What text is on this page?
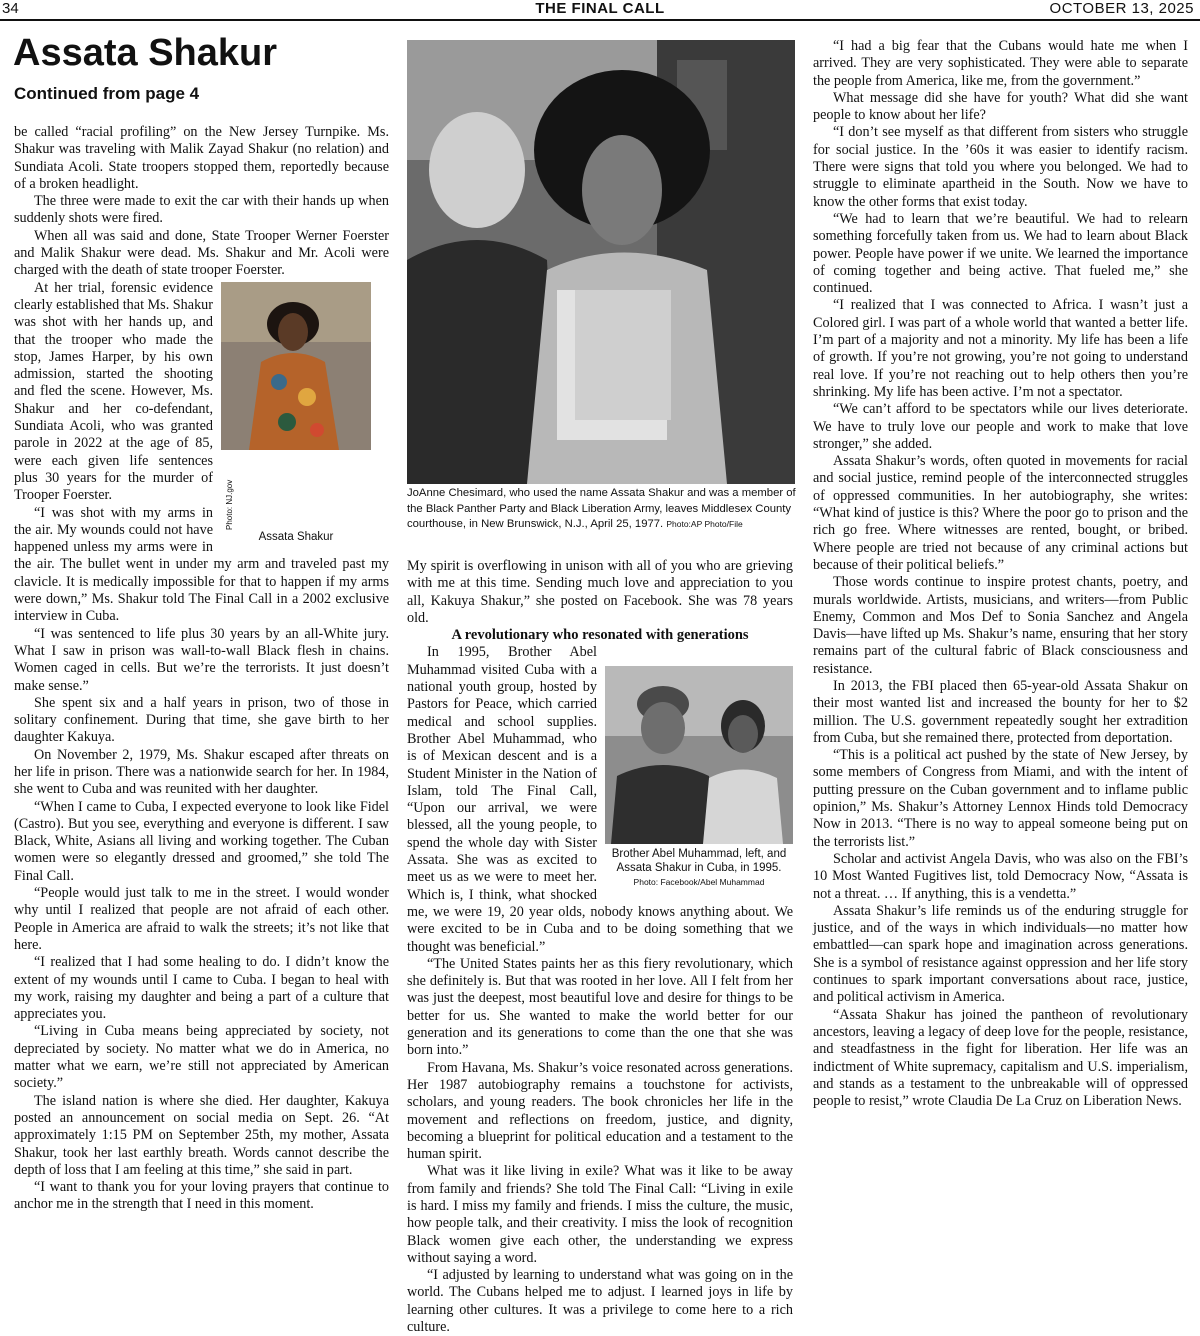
34	THE FINAL CALL	OCTOBER 13, 2025
Assata Shakur
Continued from page 4

be called “racial profiling” on the New Jersey Turnpike. Ms. Shakur was traveling with Malik Zayad Shakur (no relation) and Sundiata Acoli. State troopers stopped them, reportedly because of a broken headlight.

The three were made to exit the car with their hands up when suddenly shots were fired.

When all was said and done, State Trooper Werner Foerster and Malik Shakur were dead. Ms. Shakur and Mr. Acoli were charged with the death of state trooper Foerster.

Photo: NJ.gov
Assata Shakur

At her trial, forensic evidence clearly established that Ms. Shakur was shot with her hands up, and that the trooper who made the stop, James Harper, by his own admission, started the shooting and fled the scene. However, Ms. Shakur and her co-defendant, Sundiata Acoli, who was granted parole in 2022 at the age of 85, were each given life sentences plus 30 years for the murder of Trooper Foerster.

“I was shot with my arms in the air. My wounds could not have happened unless my arms were in the air. The bullet went in under my arm and traveled past my clavicle. It is medically impossible for that to happen if my arms were down,” Ms. Shakur told The Final Call in a 2002 exclusive interview in Cuba.

“I was sentenced to life plus 30 years by an all-White jury. What I saw in prison was wall-to-wall Black flesh in chains. Women caged in cells. But we’re the terrorists. It just doesn’t make sense.”

She spent six and a half years in prison, two of those in solitary confinement. During that time, she gave birth to her daughter Kakuya.

On November 2, 1979, Ms. Shakur escaped after threats on her life in prison. There was a nationwide search for her. In 1984, she went to Cuba and was reunited with her daughter.

“When I came to Cuba, I expected everyone to look like Fidel (Castro). But you see, everything and everyone is different. I saw Black, White, Asians all living and working together. The Cuban women were so elegantly dressed and groomed,” she told The Final Call.

“People would just talk to me in the street. I would wonder why until I realized that people are not afraid of each other. People in America are afraid to walk the streets; it’s not like that here.

“I realized that I had some healing to do. I didn’t know the extent of my wounds until I came to Cuba. I began to heal with my work, raising my daughter and being a part of a culture that appreciates you.

“Living in Cuba means being appreciated by society, not depreciated by society. No matter what we do in America, no matter what we earn, we’re still not appreciated by American society.”

The island nation is where she died. Her daughter, Kakuya posted an announcement on social media on Sept. 26. “At approximately 1:15 PM on September 25th, my mother, Assata Shakur, took her last earthly breath. Words cannot describe the depth of loss that I am feeling at this time,” she said in part.

“I want to thank you for your loving prayers that continue to anchor me in the strength that I need in this moment.

JoAnne Chesimard, who used the name Assata Shakur and was a member of the Black Panther Party and Black Liberation Army, leaves Middlesex County courthouse, in New Brunswick, N.J., April 25, 1977. Photo:AP Photo/File

My spirit is overflowing in unison with all of you who are grieving with me at this time. Sending much love and appreciation to you all, Kakuya Shakur,” she posted on Facebook. She was 78 years old.

A revolutionary who resonated with generations

Brother Abel Muhammad, left, and Assata Shakur in Cuba, in 1995.
Photo: Facebook/Abel Muhammad

In 1995, Brother Abel Muhammad visited Cuba with a national youth group, hosted by Pastors for Peace, which carried medical and school supplies. Brother Abel Muhammad, who is of Mexican descent and is a Student Minister in the Nation of Islam, told The Final Call, “Upon our arrival, we were blessed, all the young people, to spend the whole day with Sister Assata. She was as excited to meet us as we were to meet her. Which is, I think, what shocked me, we were 19, 20 year olds, nobody knows anything about. We were excited to be in Cuba and to be doing something that we thought was beneficial.”

“The United States paints her as this fiery revolutionary, which she definitely is. But that was rooted in her love. All I felt from her was just the deepest, most beautiful love and desire for things to be better for us. She wanted to make the world better for our generation and its generations to come than the one that she was born into.”

From Havana, Ms. Shakur’s voice resonated across generations. Her 1987 autobiography remains a touchstone for activists, scholars, and young readers. The book chronicles her life in the movement and reflections on freedom, justice, and dignity, becoming a blueprint for political education and a testament to the human spirit.

What was it like living in exile? What was it like to be away from family and friends? She told The Final Call: “Living in exile is hard. I miss my family and friends. I miss the culture, the music, how people talk, and their creativity. I miss the look of recognition Black women give each other, the understanding we express without saying a word.

“I adjusted by learning to understand what was going on in the world. The Cubans helped me to adjust. I learned joys in life by learning other cultures. It was a privilege to come here to a rich culture.

“I had a big fear that the Cubans would hate me when I arrived. They are very sophisticated. They were able to separate the people from America, like me, from the government.”

What message did she have for youth? What did she want people to know about her life?

“I don’t see myself as that different from sisters who struggle for social justice. In the ’60s it was easier to identify racism. There were signs that told you where you belonged. We had to struggle to eliminate apartheid in the South. Now we have to know the other forms that exist today.

“We had to learn that we’re beautiful. We had to relearn something forcefully taken from us. We had to learn about Black power. People have power if we unite. We learned the importance of coming together and being active. That fueled me,” she continued.

“I realized that I was connected to Africa. I wasn’t just a Colored girl. I was part of a whole world that wanted a better life. I’m part of a majority and not a minority. My life has been a life of growth. If you’re not growing, you’re not going to understand real love. If you’re not reaching out to help others then you’re shrinking. My life has been active. I’m not a spectator.

“We can’t afford to be spectators while our lives deteriorate. We have to truly love our people and work to make that love stronger,” she added.

Assata Shakur’s words, often quoted in movements for racial and social justice, remind people of the interconnected struggles of oppressed communities. In her autobiography, she writes: “What kind of justice is this? Where the poor go to prison and the rich go free. Where witnesses are rented, bought, or bribed. Where people are tried not because of any criminal actions but because of their political beliefs.”

Those words continue to inspire protest chants, poetry, and murals worldwide. Artists, musicians, and writers—from Public Enemy, Common and Mos Def to Sonia Sanchez and Angela Davis—have lifted up Ms. Shakur’s name, ensuring that her story remains part of the cultural fabric of Black consciousness and resistance.

In 2013, the FBI placed then 65-year-old Assata Shakur on their most wanted list and increased the bounty for her to $2 million. The U.S. government repeatedly sought her extradition from Cuba, but she remained there, protected from deportation.

“This is a political act pushed by the state of New Jersey, by some members of Congress from Miami, and with the intent of putting pressure on the Cuban government and to inflame public opinion,” Ms. Shakur’s Attorney Lennox Hinds told Democracy Now in 2013. “There is no way to appeal someone being put on the terrorists list.”

Scholar and activist Angela Davis, who was also on the FBI’s 10 Most Wanted Fugitives list, told Democracy Now, “Assata is not a threat. … If anything, this is a vendetta.”

Assata Shakur’s life reminds us of the enduring struggle for justice, and of the ways in which individuals—no matter how embattled—can spark hope and imagination across generations. She is a symbol of resistance against oppression and her life story continues to spark important conversations about race, justice, and political activism in America.

“Assata Shakur has joined the pantheon of revolutionary ancestors, leaving a legacy of deep love for the people, resistance, and steadfastness in the fight for liberation. Her life was an indictment of White supremacy, capitalism and U.S. imperialism, and stands as a testament to the unbreakable will of oppressed people to resist,” wrote Claudia De La Cruz on Liberation News.
